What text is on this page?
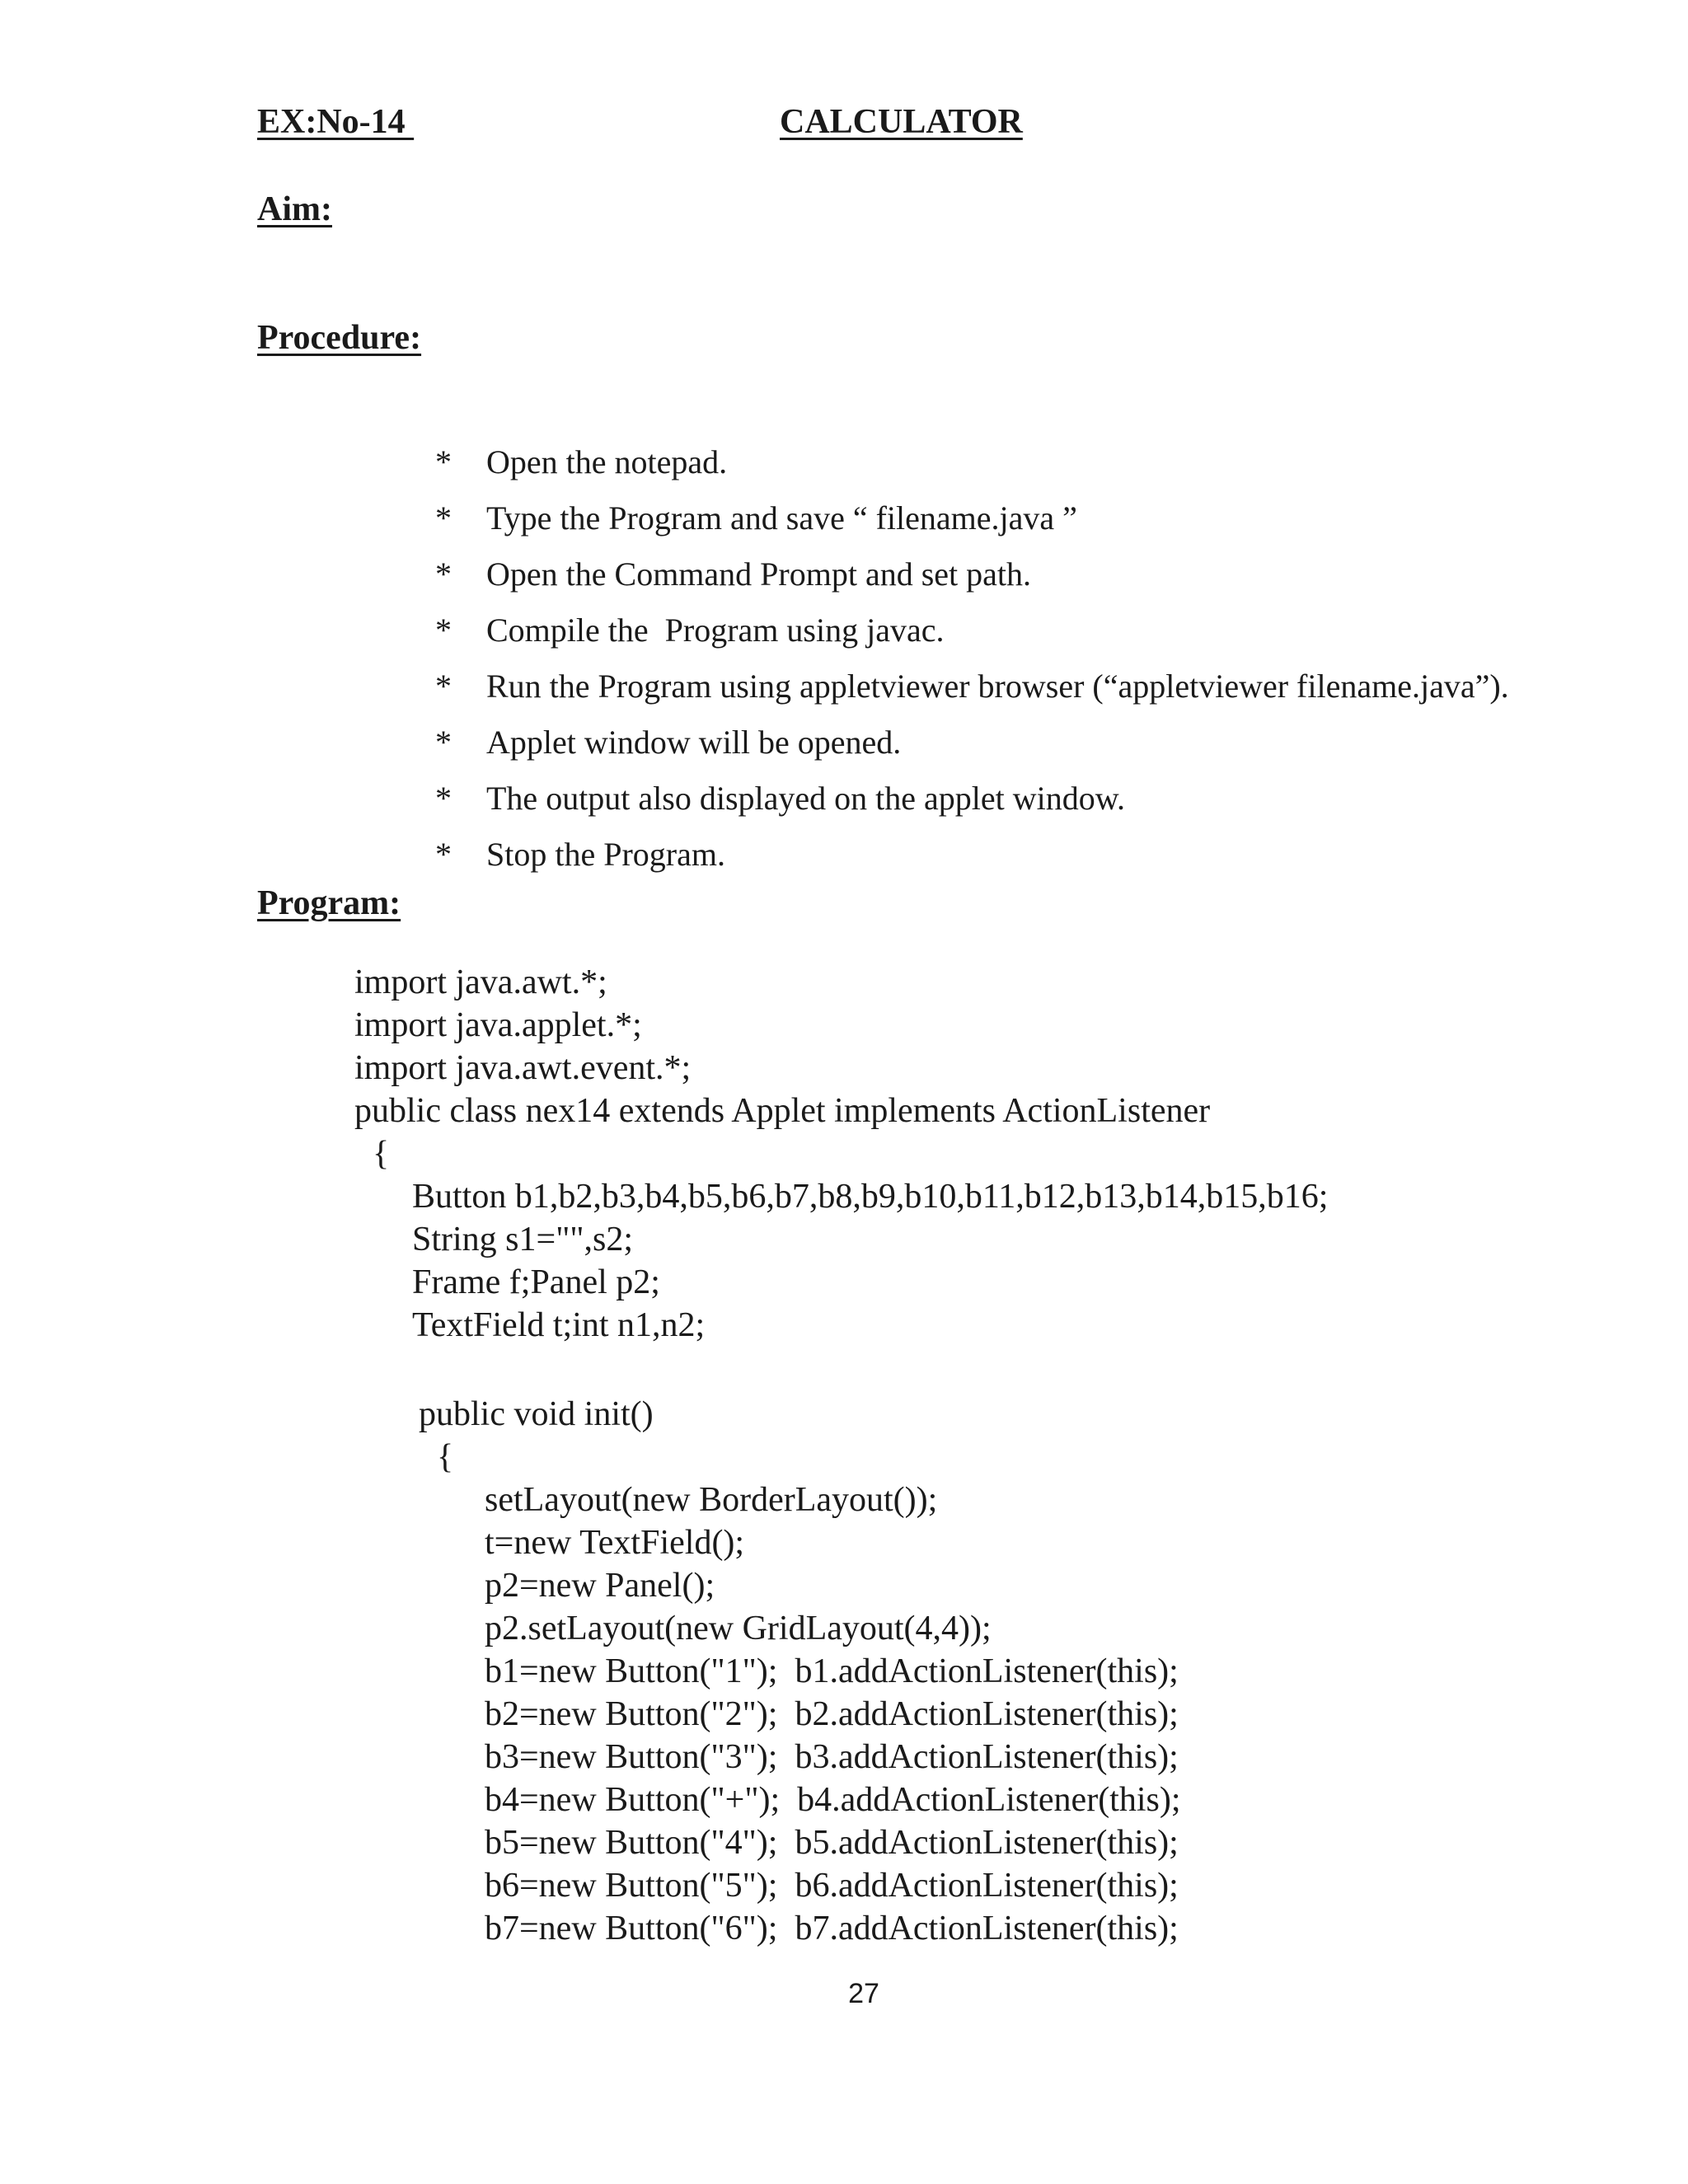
EX:No-14	CALCULATOR
Aim:
Procedure:

* Open the notepad.

* Type the Program and save “ filename.java ”

* Open the Command Prompt and set path.

* Compile the  Program using javac.

* Run the Program using appletviewer browser (“appletviewer filename.java”).

* Applet window will be opened.

* The output also displayed on the applet window.

* Stop the Program.

Program:
import java.awt.*;
import java.applet.*;
import java.awt.event.*;
public class nex14 extends Applet implements ActionListener
{
Button b1,b2,b3,b4,b5,b6,b7,b8,b9,b10,b11,b12,b13,b14,b15,b16;
String s1="",s2;
Frame f;Panel p2;
TextField t;int n1,n2;
public void init()
{
setLayout(new BorderLayout());
t=new TextField();
p2=new Panel();
p2.setLayout(new GridLayout(4,4));
b1=new Button("1");  b1.addActionListener(this);
b2=new Button("2");  b2.addActionListener(this);
b3=new Button("3");  b3.addActionListener(this);
b4=new Button("+");  b4.addActionListener(this);
b5=new Button("4");  b5.addActionListener(this);
b6=new Button("5");  b6.addActionListener(this);
b7=new Button("6");  b7.addActionListener(this);
27
